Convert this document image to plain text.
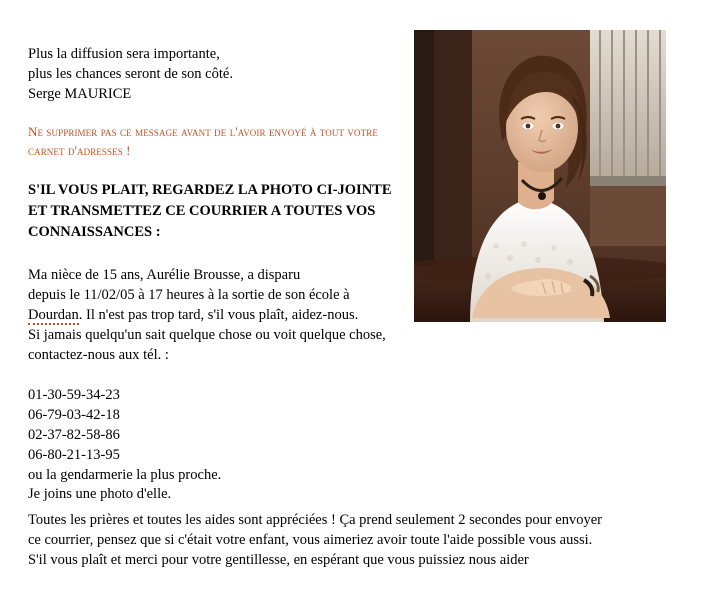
Plus la diffusion sera importante,
plus les chances seront de son côté.
Serge MAURICE
Ne supprimer pas ce message avant de l'avoir envoyé à tout votre carnet d'adresses !
S'IL VOUS PLAIT, REGARDEZ LA PHOTO CI-JOINTE
ET TRANSMETTEZ CE COURRIER A TOUTES VOS
CONNAISSANCES :
Ma nièce de 15 ans, Aurélie Brousse, a disparu
depuis le 11/02/05 à 17 heures à la sortie de son école à
Dourdan. Il n'est pas trop tard, s'il vous plaît, aidez-nous.
Si jamais quelqu'un sait quelque chose ou voit quelque chose,
contactez-nous aux tél. :
01-30-59-34-23
06-79-03-42-18
02-37-82-58-86
06-80-21-13-95
ou la gendarmerie la plus proche.

Je joins une photo d'elle.

Toutes les prières et toutes les aides sont appréciées ! Ça prend seulement 2 secondes pour envoyer

ce courrier, pensez que si c'était votre enfant, vous aimeriez avoir toute l'aide possible vous aussi.

S'il vous plaît et merci pour votre gentillesse, en espérant que vous puissiez nous aider
